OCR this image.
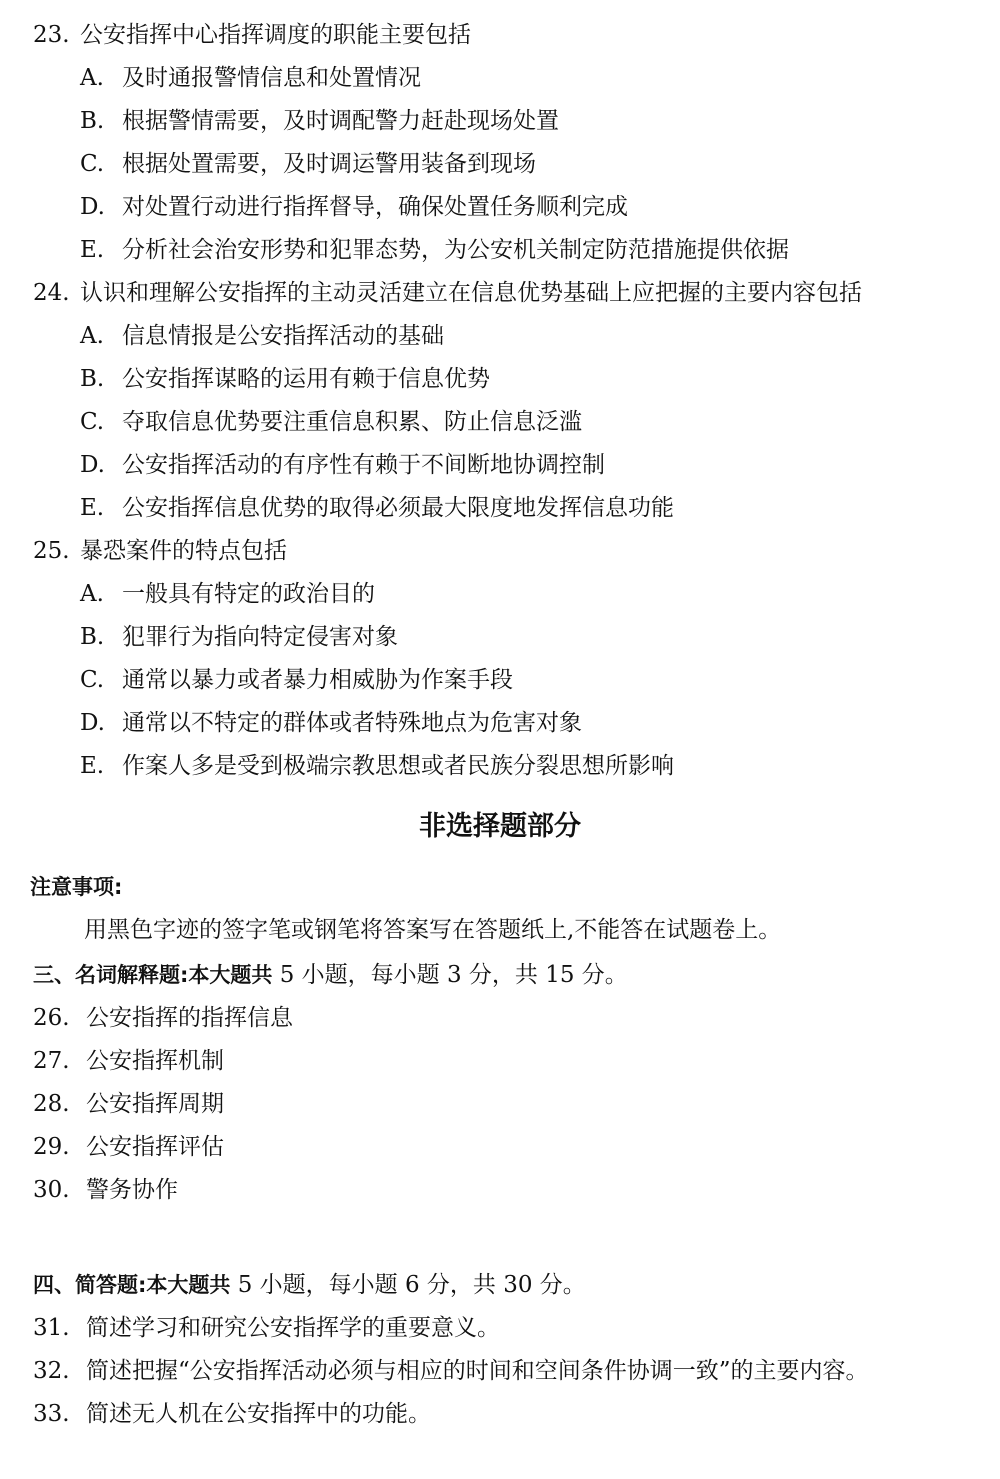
23. 公安指挥中心指挥调度的职能主要包括
A. 及时通报警情信息和处置情况
B. 根据警情需要，及时调配警力赶赴现场处置
C. 根据处置需要，及时调运警用装备到现场
D. 对处置行动进行指挥督导，确保处置任务顺利完成
E. 分析社会治安形势和犯罪态势，为公安机关制定防范措施提供依据
24. 认识和理解公安指挥的主动灵活建立在信息优势基础上应把握的主要内容包括
A. 信息情报是公安指挥活动的基础
B. 公安指挥谋略的运用有赖于信息优势
C. 夺取信息优势要注重信息积累、防止信息泛滥
D. 公安指挥活动的有序性有赖于不间断地协调控制
E. 公安指挥信息优势的取得必须最大限度地发挥信息功能
25. 暴恐案件的特点包括
A. 一般具有特定的政治目的
B. 犯罪行为指向特定侵害对象
C. 通常以暴力或者暴力相威胁为作案手段
D. 通常以不特定的群体或者特殊地点为危害对象
E. 作案人多是受到极端宗教思想或者民族分裂思想所影响
非选择题部分
注意事项:
用黑色字迹的签字笔或钢笔将答案写在答题纸上,不能答在试题卷上。
三、名词解释题:本大题共 5 小题，每小题 3 分，共 15 分。
26. 公安指挥的指挥信息
27. 公安指挥机制
28. 公安指挥周期
29. 公安指挥评估
30. 警务协作
四、简答题:本大题共 5 小题，每小题 6 分，共 30 分。
31. 简述学习和研究公安指挥学的重要意义。
32. 简述把握“公安指挥活动必须与相应的时间和空间条件协调一致”的主要内容。
33. 简述无人机在公安指挥中的功能。
